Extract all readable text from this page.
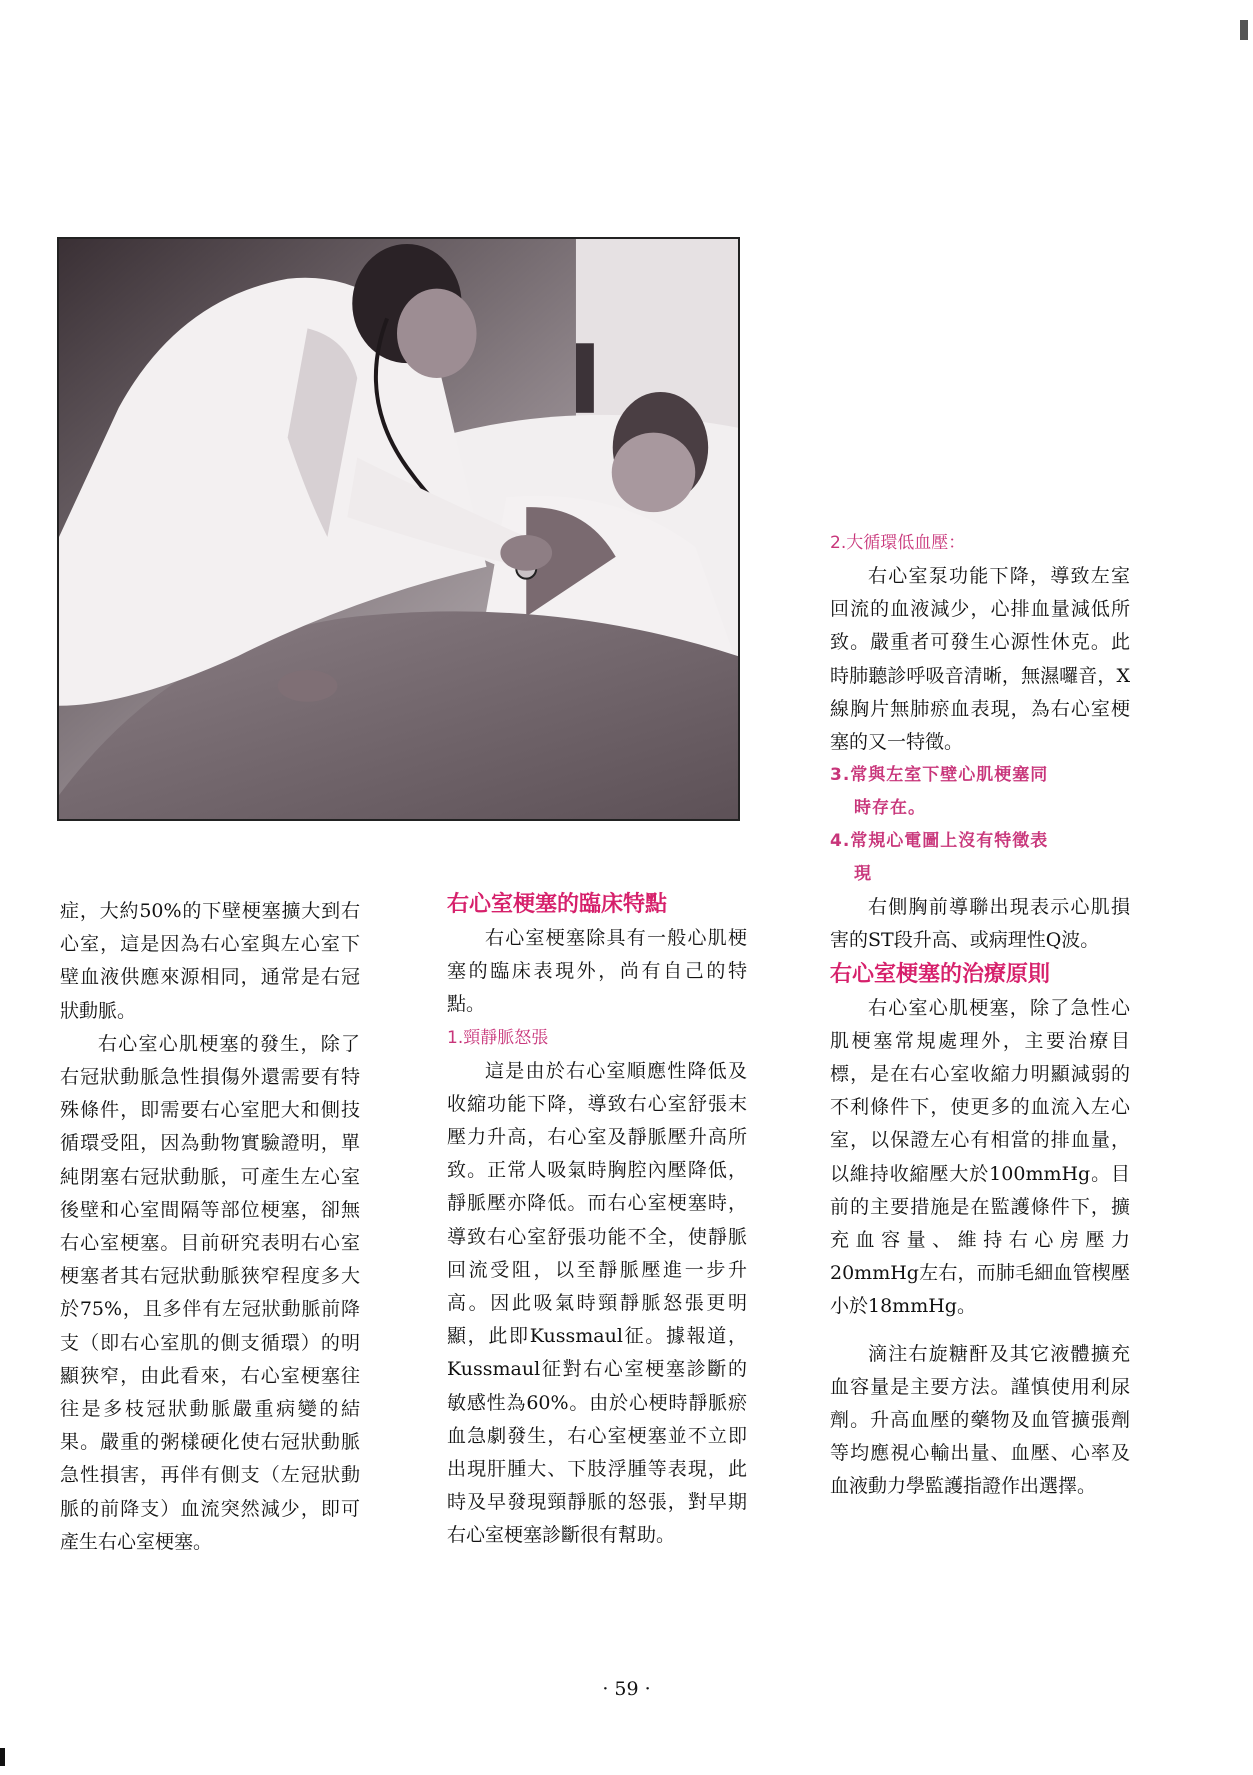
症，大約50%的下壁梗塞擴大到右心室，這是因為右心室與左心室下壁血液供應來源相同，通常是右冠狀動脈。

右心室心肌梗塞的發生，除了右冠狀動脈急性損傷外還需要有特殊條件，即需要右心室肥大和側技循環受阻，因為動物實驗證明，單純閉塞右冠狀動脈，可產生左心室後壁和心室間隔等部位梗塞，卻無右心室梗塞。目前研究表明右心室梗塞者其右冠狀動脈狹窄程度多大於75%，且多伴有左冠狀動脈前降支（即右心室肌的側支循環）的明顯狹窄，由此看來，右心室梗塞往往是多枝冠狀動脈嚴重病變的結果。嚴重的粥樣硬化使右冠狀動脈急性損害，再伴有側支（左冠狀動脈的前降支）血流突然減少，即可產生右心室梗塞。

右心室梗塞的臨床特點

右心室梗塞除具有一般心肌梗塞的臨床表現外，尚有自己的特點。

1.頸靜脈怒張

這是由於右心室順應性降低及收縮功能下降，導致右心室舒張末壓力升高，右心室及靜脈壓升高所致。正常人吸氣時胸腔內壓降低，靜脈壓亦降低。而右心室梗塞時，導致右心室舒張功能不全，使靜脈回流受阻，以至靜脈壓進一步升高。因此吸氣時頸靜脈怒張更明顯，此即Kussmaul征。據報道，Kussmaul征對右心室梗塞診斷的敏感性為60%。由於心梗時靜脈瘀血急劇發生，右心室梗塞並不立即出現肝腫大、下肢浮腫等表現，此時及早發現頸靜脈的怒張，對早期右心室梗塞診斷很有幫助。

2.大循環低血壓：

右心室泵功能下降，導致左室回流的血液減少，心排血量減低所致。嚴重者可發生心源性休克。此時肺聽診呼吸音清晰，無濕囉音，X線胸片無肺瘀血表現，為右心室梗塞的又一特徵。

3.常與左室下壁心肌梗塞同
時存在。

4.常規心電圖上沒有特徵表
現

右側胸前導聯出現表示心肌損害的ST段升高、或病理性Q波。

右心室梗塞的治療原則

右心室心肌梗塞，除了急性心肌梗塞常規處理外，主要治療目標，是在右心室收縮力明顯減弱的不利條件下，使更多的血流入左心室，以保證左心有相當的排血量，以維持收縮壓大於100mmHg。目前的主要措施是在監護條件下，擴充血容量、維持右心房壓力20mmHg左右，而肺毛細血管楔壓小於18mmHg。

滴注右旋糖酐及其它液體擴充血容量是主要方法。謹慎使用利尿劑。升高血壓的藥物及血管擴張劑等均應視心輸出量、血壓、心率及血液動力學監護指證作出選擇。

· 59 ·
